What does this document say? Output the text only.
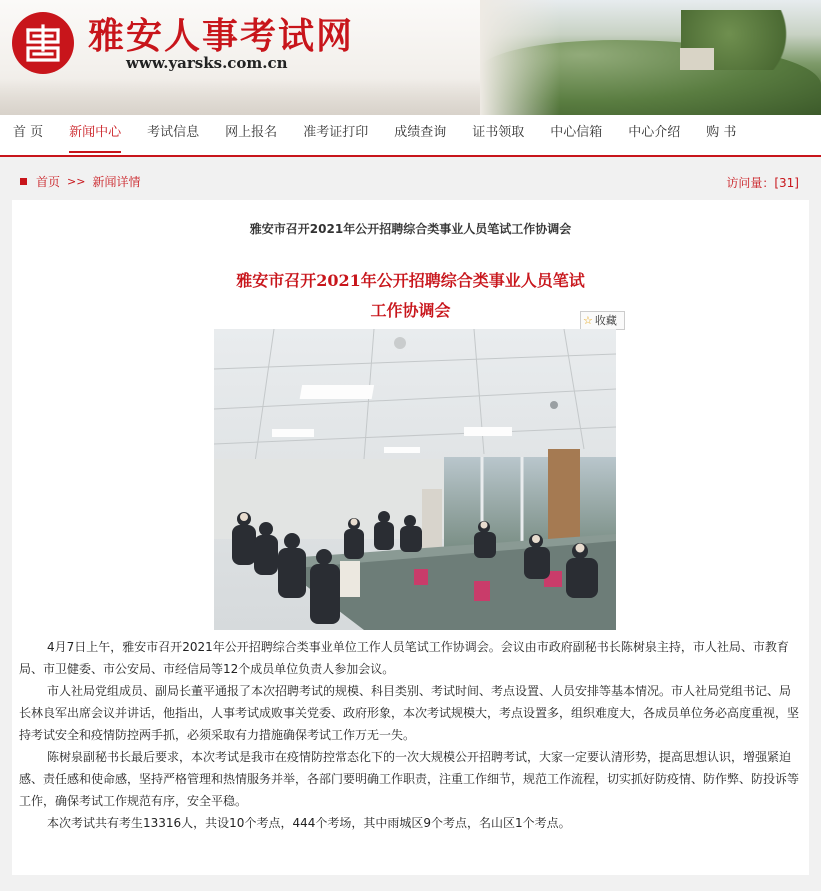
雅安人事考试网
www.yarsks.com.cn
首 页 新闻中心 考试信息 网上报名 准考证打印 成绩查询 证书领取 中心信箱 中心介绍 购 书
首页 >> 新闻详情	访问量：[31]
雅安市召开2021年公开招聘综合类事业人员笔试工作协调会
雅安市召开2021年公开招聘综合类事业人员笔试
工作协调会
☆ 收藏

4月7日上午，雅安市召开2021年公开招聘综合类事业单位工作人员笔试工作协调会。会议由市政府副秘书长陈树泉主持，市人社局、市教育局、市卫健委、市公安局、市经信局等12个成员单位负责人参加会议。

市人社局党组成员、副局长董平通报了本次招聘考试的规模、科目类别、考试时间、考点设置、人员安排等基本情况。市人社局党组书记、局长林良军出席会议并讲话，他指出，人事考试成败事关党委、政府形象，本次考试规模大，考点设置多，组织难度大，各成员单位务必高度重视，坚持考试安全和疫情防控两手抓，必须采取有力措施确保考试工作万无一失。

陈树泉副秘书长最后要求，本次考试是我市在疫情防控常态化下的一次大规模公开招聘考试，大家一定要认清形势，提高思想认识，增强紧迫感、责任感和使命感，坚持严格管理和热情服务并举，各部门要明确工作职责，注重工作细节，规范工作流程，切实抓好防疫情、防作弊、防投诉等工作，确保考试工作规范有序，安全平稳。

本次考试共有考生13316人，共设10个考点，444个考场，其中雨城区9个考点，名山区1个考点。
